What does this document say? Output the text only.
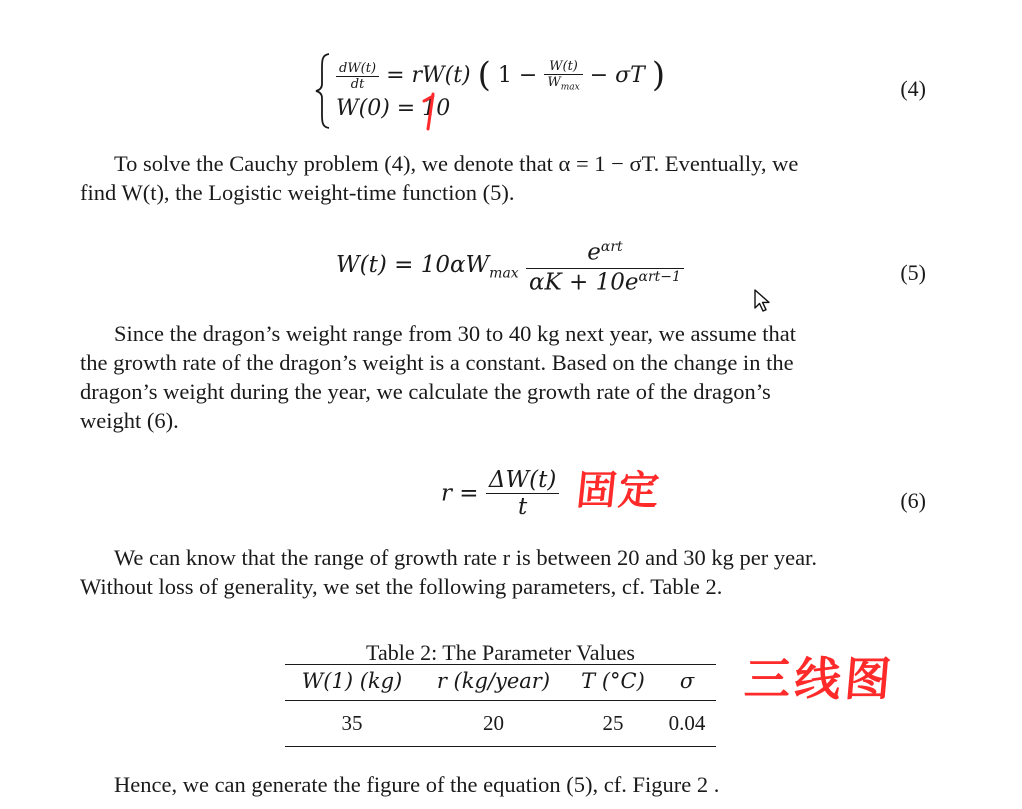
$\frac{dW(t)}{dt} = rW(t)$ ( $1 - \frac{W(t)}{W_{max}} - \sigma T$ )
W(0) = 10
(4)
To solve the Cauchy problem (4), we denote that α = 1 − σT. Eventually, we
find W(t), the Logistic weight-time function (5).
$W(t) = 10\alpha W_{max} \frac{e^{\alpha rt}}{\alpha K + 10e^{\alpha rt-1}}$	(5)
Since the dragon’s weight range from 30 to 40 kg next year, we assume that
the growth rate of the dragon’s weight is a constant. Based on the change in the
dragon’s weight during the year, we calculate the growth rate of the dragon’s
weight (6).
$r = \frac{\Delta W(t)}{t}$ 固定	(6)
We can know that the range of growth rate r is between 20 and 30 kg per year.
Without loss of generality, we set the following parameters, cf. Table 2.
Table 2: The Parameter Values
W(1) (kg)	r (kg/year)	T (°C)	σ

35	20	25	0.04
三线图
Hence, we can generate the figure of the equation (5), cf. Figure 2 .
